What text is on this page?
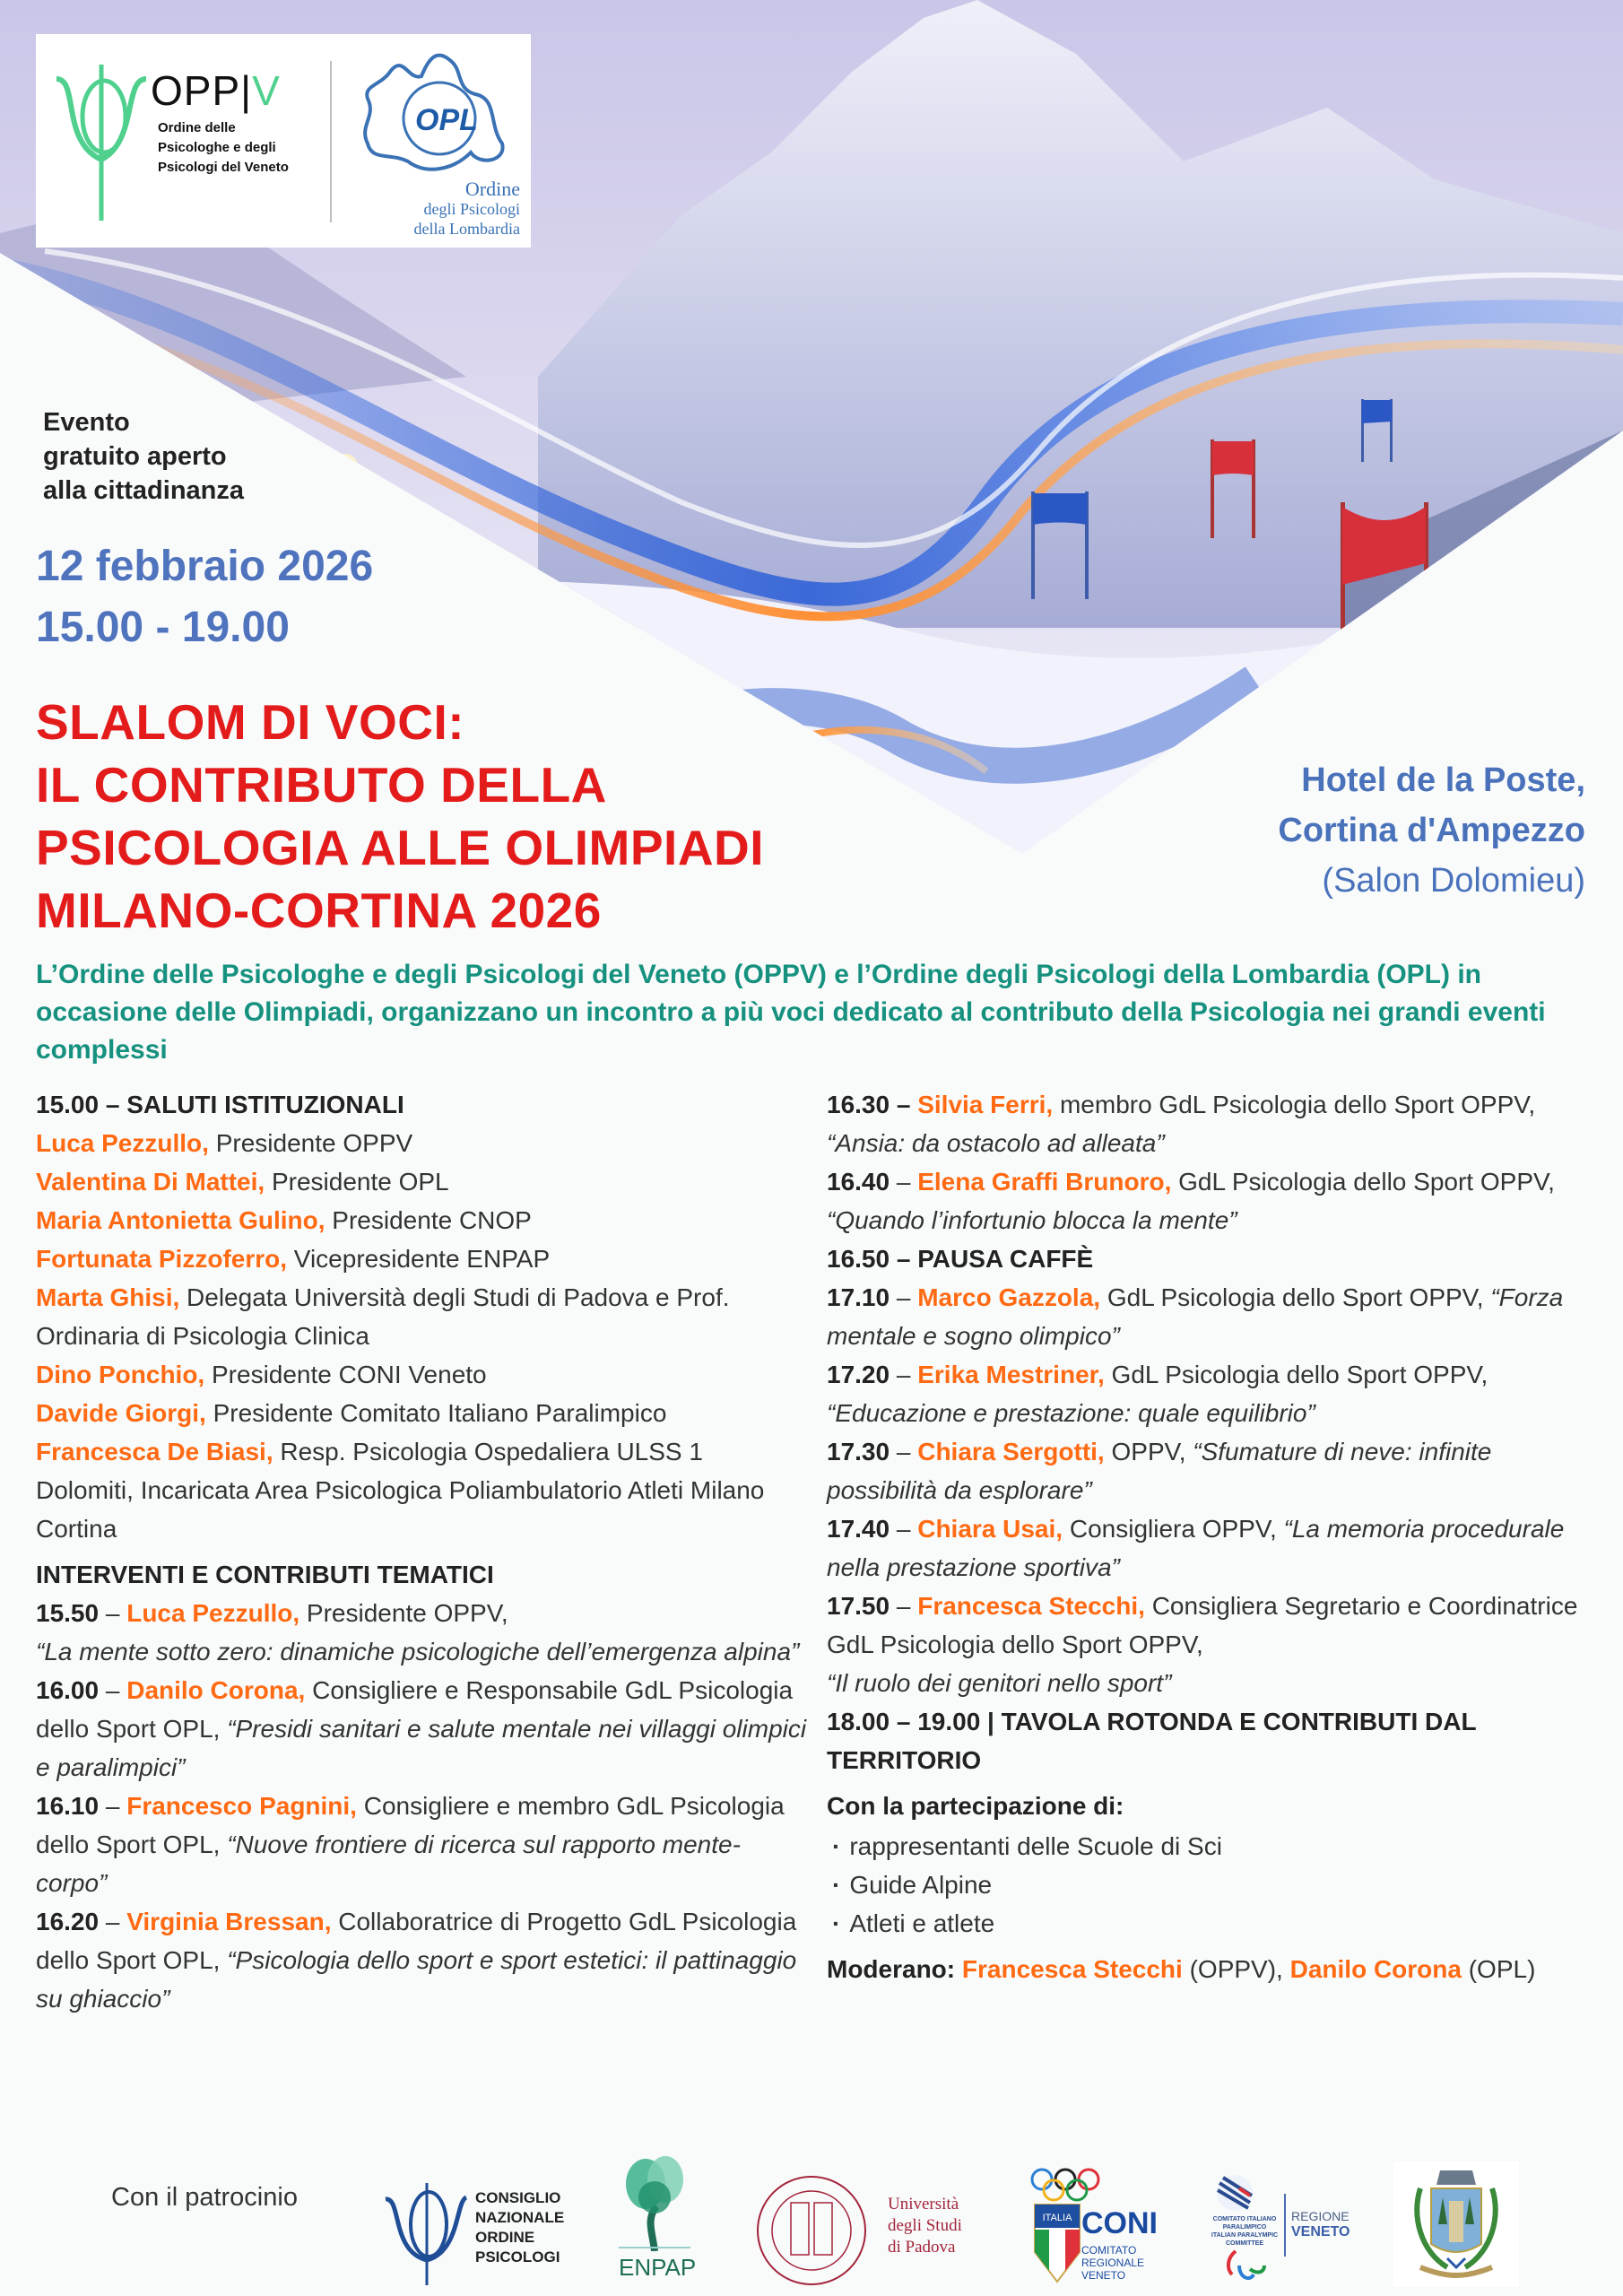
OPP|V
Ordine delle
Psicologhe e degli
Psicologi del Veneto
OPL
Ordine
degli Psicologi
della Lombardia
Evento
gratuito aperto
alla cittadinanza
12 febbraio 2026
15.00 - 19.00
SLALOM DI VOCI:
IL CONTRIBUTO DELLA
PSICOLOGIA ALLE OLIMPIADI
MILANO-CORTINA 2026
Hotel de la Poste,
Cortina d'Ampezzo
(Salon Dolomieu)
L’Ordine delle Psicologhe e degli Psicologi del Veneto (OPPV) e l’Ordine degli Psicologi della Lombardia (OPL) in occasione delle Olimpiadi, organizzano un incontro a più voci dedicato al contributo della Psicologia nei grandi eventi complessi

15.00 – SALUTI ISTITUZIONALI

Luca Pezzullo, Presidente OPPV

Valentina Di Mattei, Presidente OPL

Maria Antonietta Gulino, Presidente CNOP

Fortunata Pizzoferro, Vicepresidente ENPAP

Marta Ghisi, Delegata Università degli Studi di Padova e Prof. Ordinaria di Psicologia Clinica

Dino Ponchio, Presidente CONI Veneto

Davide Giorgi, Presidente Comitato Italiano Paralimpico

Francesca De Biasi, Resp. Psicologia Ospedaliera ULSS 1 Dolomiti, Incaricata Area Psicologica Poliambulatorio Atleti Milano Cortina

INTERVENTI E CONTRIBUTI TEMATICI

15.50 – Luca Pezzullo, Presidente OPPV,
“La mente sotto zero: dinamiche psicologiche dell’emergenza alpina”

16.00 – Danilo Corona, Consigliere e Responsabile GdL Psicologia dello Sport OPL, “Presidi sanitari e salute mentale nei villaggi olimpici e paralimpici”

16.10 – Francesco Pagnini, Consigliere e membro GdL Psicologia dello Sport OPL, “Nuove frontiere di ricerca sul rapporto mente-corpo”

16.20 – Virginia Bressan, Collaboratrice di Progetto GdL Psicologia dello Sport OPL, “Psicologia dello sport e sport estetici: il pattinaggio su ghiaccio”

16.30 – Silvia Ferri, membro GdL Psicologia dello Sport OPPV, “Ansia: da ostacolo ad alleata”

16.40 – Elena Graffi Brunoro, GdL Psicologia dello Sport OPPV, “Quando l’infortunio blocca la mente”

16.50 – PAUSA CAFFÈ

17.10 – Marco Gazzola, GdL Psicologia dello Sport OPPV, “Forza mentale e sogno olimpico”

17.20 – Erika Mestriner, GdL Psicologia dello Sport OPPV, “Educazione e prestazione: quale equilibrio”

17.30 – Chiara Sergotti, OPPV, “Sfumature di neve: infinite possibilità da esplorare”

17.40 – Chiara Usai, Consigliera OPPV, “La memoria procedurale nella prestazione sportiva”

17.50 – Francesca Stecchi, Consigliera Segretario e Coordinatrice GdL Psicologia dello Sport OPPV,
“Il ruolo dei genitori nello sport”

18.00 – 19.00 | TAVOLA ROTONDA E CONTRIBUTI DAL TERRITORIO

Con la partecipazione di:

· rappresentanti delle Scuole di Sci
· Guide Alpine
· Atleti e atlete

Moderano: Francesca Stecchi (OPPV), Danilo Corona (OPL)

Con il patrocinio	CONSIGLIO
NAZIONALE
ORDINE
PSICOLOGI	ENPAP
Università
degli Studi
di Padova
ITALIA CONI
COMITATO
REGIONALE
VENETO
COMITATO ITALIANO
PARALIMPICO
ITALIAN PARALYMPIC
COMMITTEE
REGIONE
VENETO
